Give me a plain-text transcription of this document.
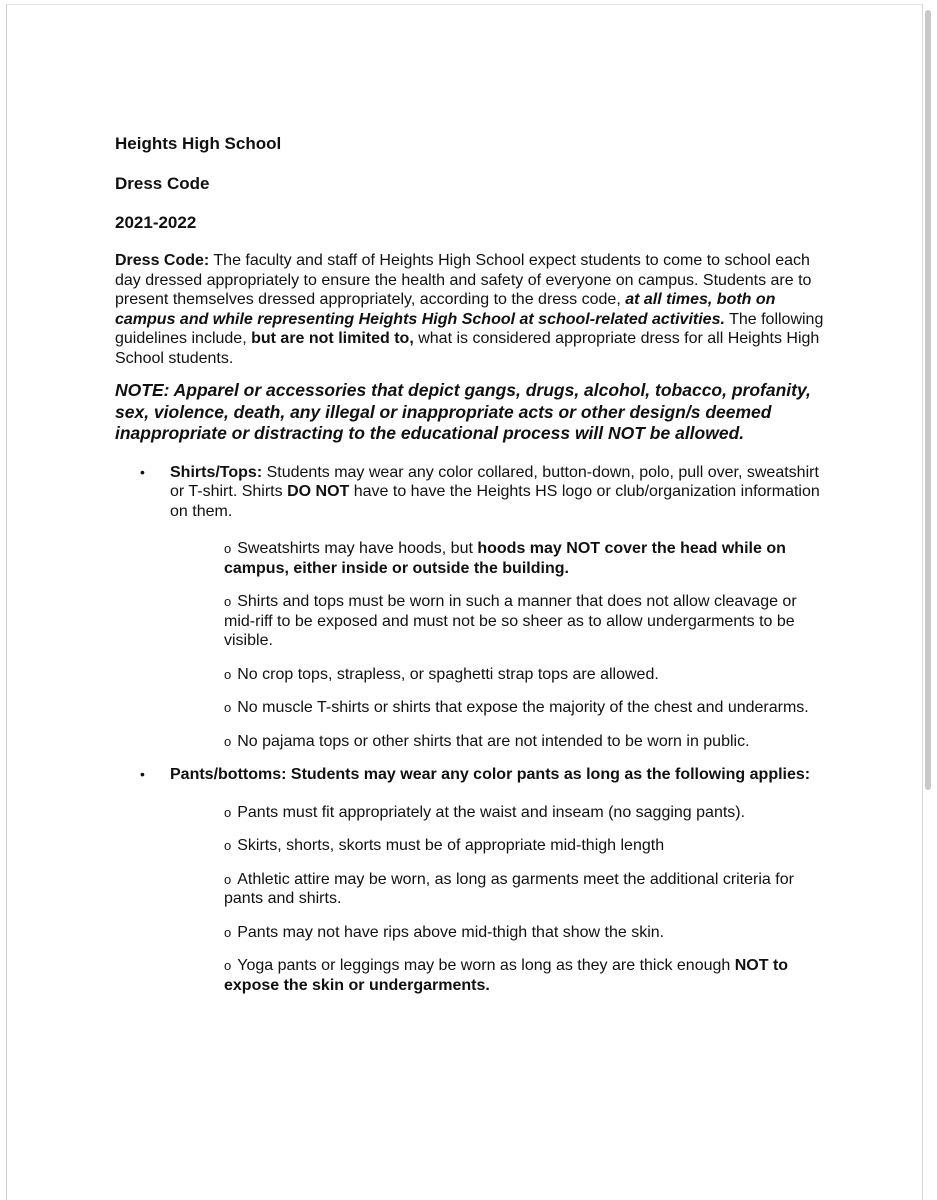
Heights High School

Dress Code

2021-2022

Dress Code: The faculty and staff of Heights High School expect students to come to school each day dressed appropriately to ensure the health and safety of everyone on campus. Students are to present themselves dressed appropriately, according to the dress code, at all times, both on campus and while representing Heights High School at school-related activities. The following guidelines include, but are not limited to, what is considered appropriate dress for all Heights High School students.

NOTE: Apparel or accessories that depict gangs, drugs, alcohol, tobacco, profanity, sex, violence, death, any illegal or inappropriate acts or other design/s deemed inappropriate or distracting to the educational process will NOT be allowed.

• Shirts/Tops: Students may wear any color collared, button-down, polo, pull over, sweatshirt or T-shirt. Shirts DO NOT have to have the Heights HS logo or club/organization information on them.

o Sweatshirts may have hoods, but hoods may NOT cover the head while on campus, either inside or outside the building.

o Shirts and tops must be worn in such a manner that does not allow cleavage or mid-riff to be exposed and must not be so sheer as to allow undergarments to be visible.

o No crop tops, strapless, or spaghetti strap tops are allowed.

o No muscle T-shirts or shirts that expose the majority of the chest and underarms.

o No pajama tops or other shirts that are not intended to be worn in public.

• Pants/bottoms: Students may wear any color pants as long as the following applies:

o Pants must fit appropriately at the waist and inseam (no sagging pants).

o Skirts, shorts, skorts must be of appropriate mid-thigh length

o Athletic attire may be worn, as long as garments meet the additional criteria for pants and shirts.

o Pants may not have rips above mid-thigh that show the skin.

o Yoga pants or leggings may be worn as long as they are thick enough NOT to expose the skin or undergarments.
